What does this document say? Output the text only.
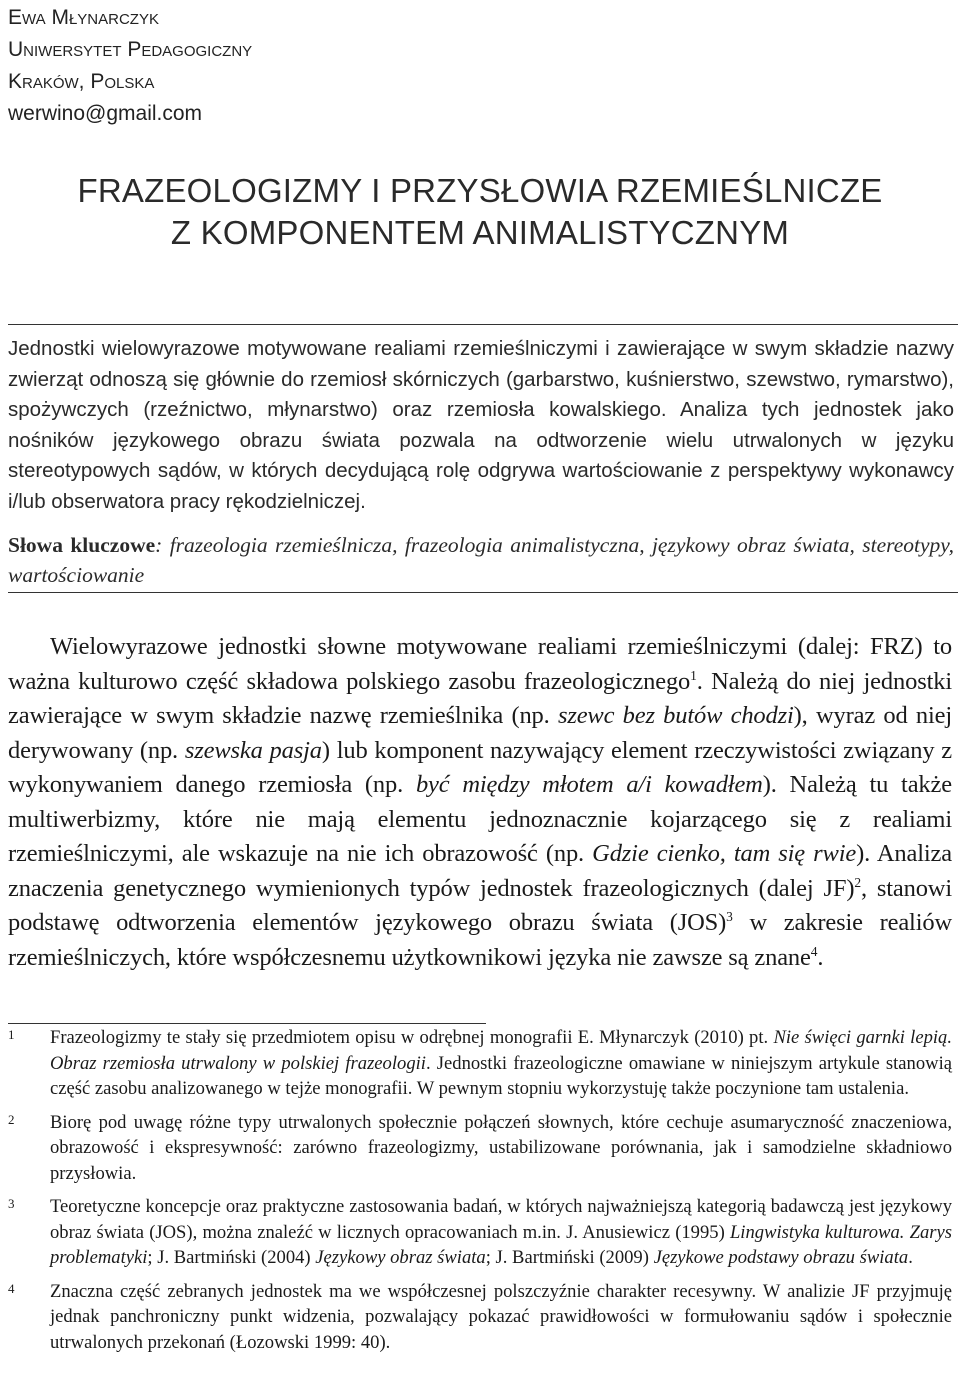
Ewa Młynarczyk
Uniwersytet Pedagogiczny
Kraków, Polska
werwino@gmail.com
FRAZEOLOGIZMY I PRZYSŁOWIA RZEMIEŚLNICZE
Z KOMPONENTEM ANIMALISTYCZNYM
Jednostki wielowyrazowe motywowane realiami rzemieślniczymi i zawierające w swym składzie nazwy zwierząt odnoszą się głównie do rzemiosł skórniczych (garbarstwo, kuśnierstwo, szewstwo, rymarstwo), spożywczych (rzeźnictwo, młynarstwo) oraz rzemiosła kowalskiego. Analiza tych jednostek jako nośników językowego obrazu świata pozwala na odtworzenie wielu utrwalonych w języku stereotypowych sądów, w których decydującą rolę odgrywa wartościowanie z perspektywy wykonawcy i/lub obserwatora pracy rękodzielniczej.
Słowa kluczowe: frazeologia rzemieślnicza, frazeologia animalistyczna, językowy obraz świata, stereotypy, wartościowanie
Wielowyrazowe jednostki słowne motywowane realiami rzemieślniczymi (dalej: FRZ) to ważna kulturowo część składowa polskiego zasobu frazeologicznego$^1$. Należą do niej jednostki zawierające w swym składzie nazwę rzemieślnika (np. szewc bez butów chodzi), wyraz od niej derywowany (np. szewska pasja) lub komponent nazywający element rzeczywistości związany z wykonywaniem danego rzemiosła (np. być między młotem a/i kowadłem). Należą tu także multiwerbizmy, które nie mają elementu jednoznacznie kojarzącego się z realiami rzemieślniczymi, ale wskazuje na nie ich obrazowość (np. Gdzie cienko, tam się rwie). Analiza znaczenia genetycznego wymienionych typów jednostek frazeologicznych (dalej JF)$^2$, stanowi podstawę odtworzenia elementów językowego obrazu świata (JOS)$^3$ w zakresie realiów rzemieślniczych, które współczesnemu użytkownikowi języka nie zawsze są znane$^4$.
1 Frazeologizmy te stały się przedmiotem opisu w odrębnej monografii E. Młynarczyk (2010) pt. Nie święci garnki lepią. Obraz rzemiosła utrwalony w polskiej frazeologii. Jednostki frazeologiczne omawiane w niniejszym artykule stanowią część zasobu analizowanego w tejże monografii. W pewnym stopniu wykorzystuję także poczynione tam ustalenia.
2 Biorę pod uwagę różne typy utrwalonych społecznie połączeń słownych, które cechuje asumaryczność znaczeniowa, obrazowość i ekspresywność: zarówno frazeologizmy, ustabilizowane porównania, jak i samodzielne składniowo przysłowia.
3 Teoretyczne koncepcje oraz praktyczne zastosowania badań, w których najważniejszą kategorią badawczą jest językowy obraz świata (JOS), można znaleźć w licznych opracowaniach m.in. J. Anusiewicz (1995) Lingwistyka kulturowa. Zarys problematyki; J. Bartmiński (2004) Językowy obraz świata; J. Bartmiński (2009) Językowe podstawy obrazu świata.
4 Znaczna część zebranych jednostek ma we współczesnej polszczyźnie charakter recesywny. W analizie JF przyjmuję jednak panchroniczny punkt widzenia, pozwalający pokazać prawidłowości w formułowaniu sądów i społecznie utrwalonych przekonań (Łozowski 1999: 40).
